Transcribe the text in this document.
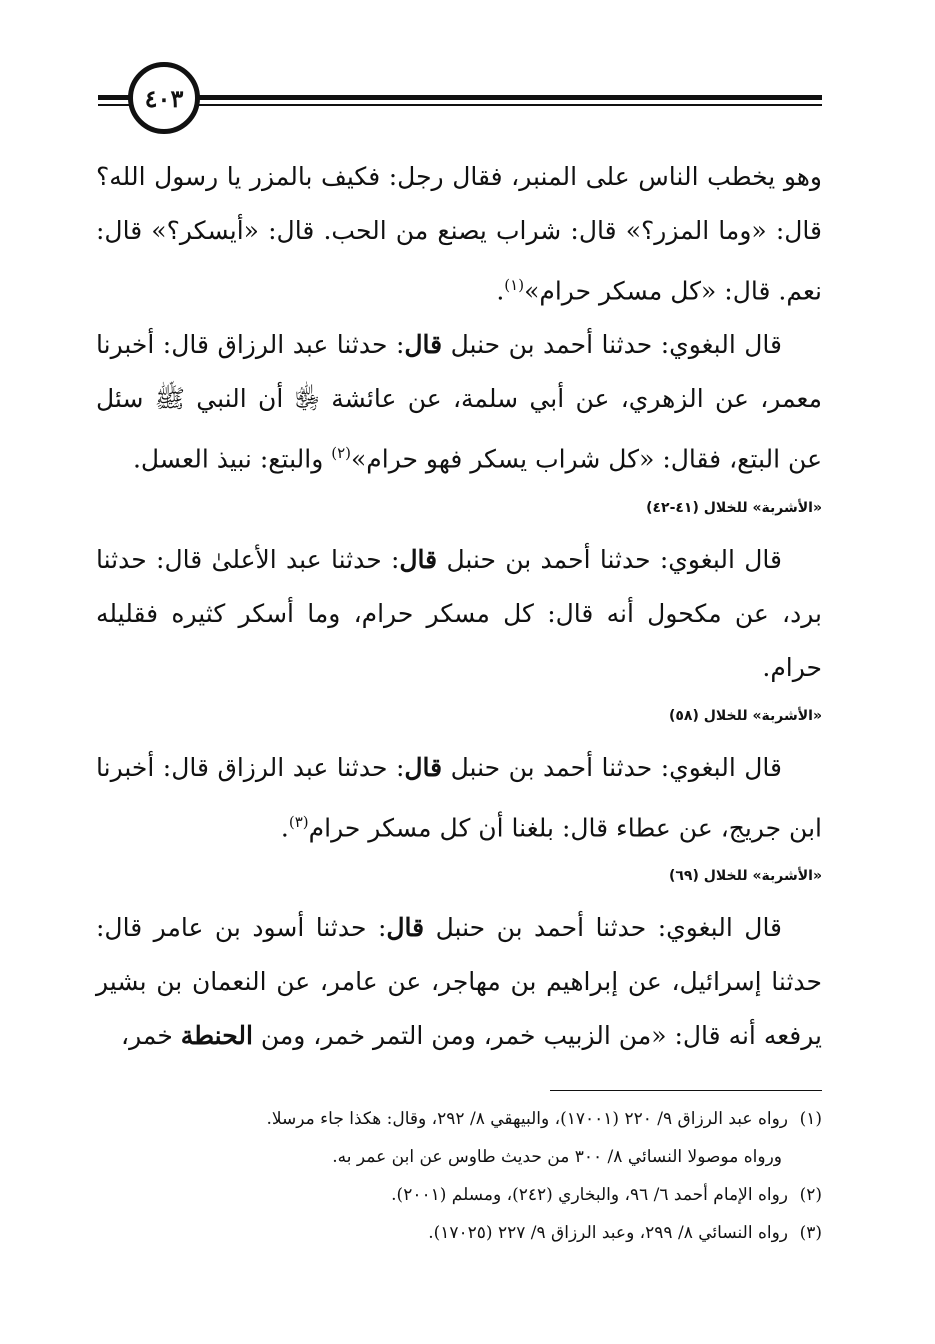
٤٠٣

وهو يخطب الناس على المنبر، فقال رجل: فكيف بالمزر يا رسول الله؟ قال: «وما المزر؟» قال: شراب يصنع من الحب. قال: «أيسكر؟» قال: نعم. قال: «كل مسكر حرام»$^{(١)}$.

قال البغوي: حدثنا أحمد بن حنبل قال: حدثنا عبد الرزاق قال: أخبرنا معمر، عن الزهري، عن أبي سلمة، عن عائشة ﵂ أن النبي ﷺ سئل عن البتع، فقال: «كل شراب يسكر فهو حرام»$^{(٢)}$ والبتع: نبيذ العسل.

«الأشربة» للخلال (٤١-٤٢)

قال البغوي: حدثنا أحمد بن حنبل قال: حدثنا عبد الأعلىٰ قال: حدثنا برد، عن مكحول أنه قال: كل مسكر حرام، وما أسكر كثيره فقليله حرام.

«الأشربة» للخلال (٥٨)

قال البغوي: حدثنا أحمد بن حنبل قال: حدثنا عبد الرزاق قال: أخبرنا ابن جريج، عن عطاء قال: بلغنا أن كل مسكر حرام$^{(٣)}$.

«الأشربة» للخلال (٦٩)

قال البغوي: حدثنا أحمد بن حنبل قال: حدثنا أسود بن عامر قال: حدثنا إسرائيل، عن إبراهيم بن مهاجر، عن عامر، عن النعمان بن بشير يرفعه أنه قال: «من الزبيب خمر، ومن التمر خمر، ومن الحنطة خمر،

(١)رواه عبد الرزاق ٩/ ٢٢٠ (١٧٠٠١)، والبيهقي ٨/ ٢٩٢، وقال: هكذا جاء مرسلا.

ورواه موصولا النسائي ٨/ ٣٠٠ من حديث طاوس عن ابن عمر به.

(٢)رواه الإمام أحمد ٦/ ٩٦، والبخاري (٢٤٢)، ومسلم (٢٠٠١).

(٣)رواه النسائي ٨/ ٢٩٩، وعبد الرزاق ٩/ ٢٢٧ (١٧٠٢٥).
